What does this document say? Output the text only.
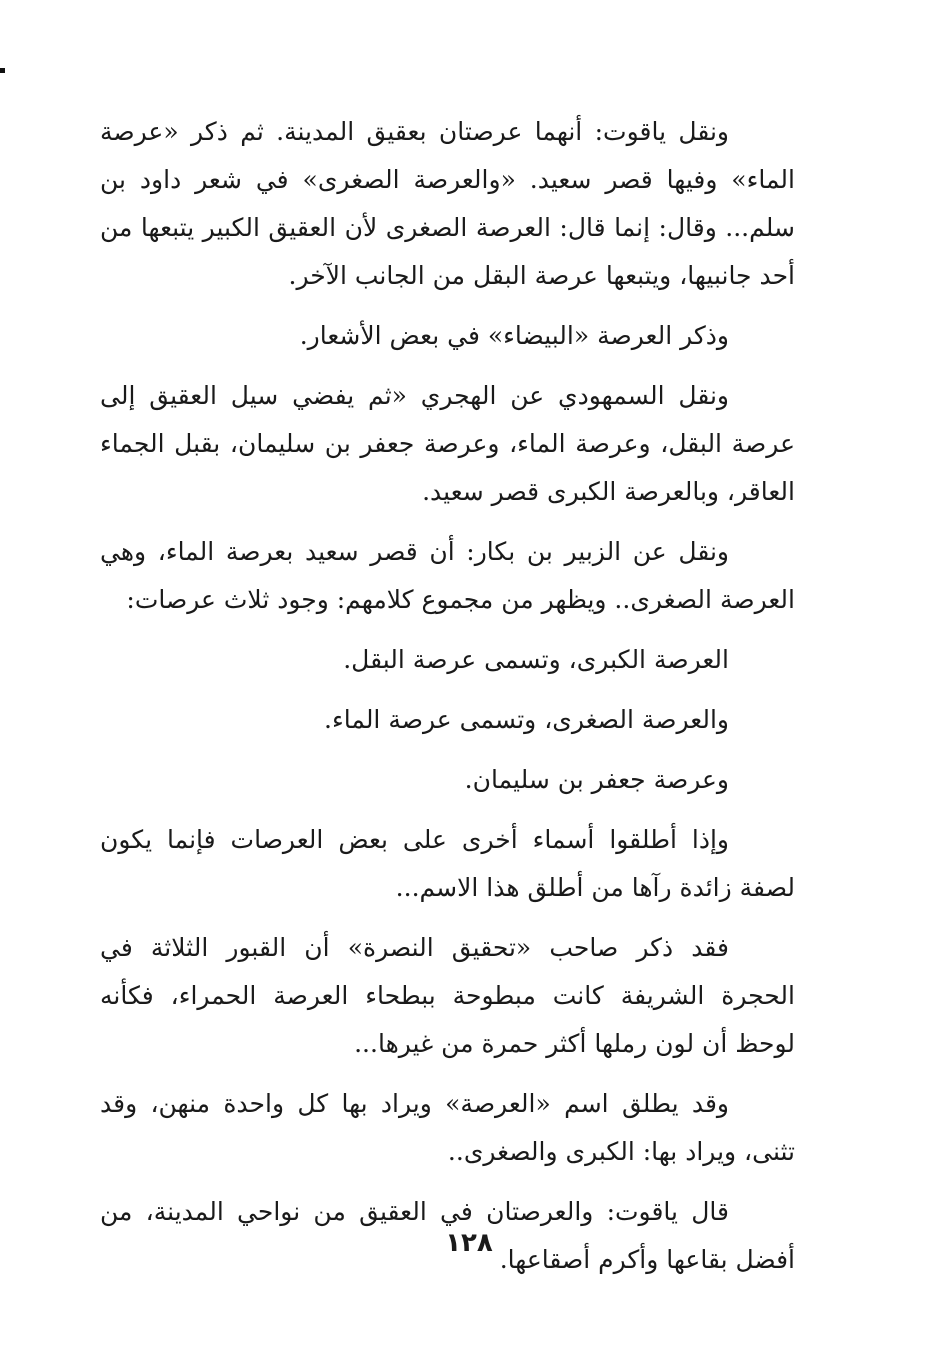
ونقل ياقوت: أنهما عرصتان بعقيق المدينة. ثم ذكر «عرصة الماء» وفيها قصر سعيد. «والعرصة الصغرى» في شعر داود بن سلم... وقال: إنما قال: العرصة الصغرى لأن العقيق الكبير يتبعها من أحد جانبيها، ويتبعها عرصة البقل من الجانب الآخر.

وذكر العرصة «البيضاء» في بعض الأشعار.

ونقل السمهودي عن الهجري «ثم يفضي سيل العقيق إلى عرصة البقل، وعرصة الماء، وعرصة جعفر بن سليمان، بقبل الجماء العاقر، وبالعرصة الكبرى قصر سعيد.

ونقل عن الزبير بن بكار: أن قصر سعيد بعرصة الماء، وهي العرصة الصغرى.. ويظهر من مجموع كلامهم: وجود ثلاث عرصات:

العرصة الكبرى، وتسمى عرصة البقل.
والعرصة الصغرى، وتسمى عرصة الماء.
وعرصة جعفر بن سليمان.

وإذا أطلقوا أسماء أخرى على بعض العرصات فإنما يكون لصفة زائدة رآها من أطلق هذا الاسم...

فقد ذكر صاحب «تحقيق النصرة» أن القبور الثلاثة في الحجرة الشريفة كانت مبطوحة ببطحاء العرصة الحمراء، فكأنه لوحظ أن لون رملها أكثر حمرة من غيرها...

وقد يطلق اسم «العرصة» ويراد بها كل واحدة منهن، وقد تثنى، ويراد بها: الكبرى والصغرى..

قال ياقوت: والعرصتان في العقيق من نواحي المدينة، من أفضل بقاعها وأكرم أصقاعها.

١٢٨
